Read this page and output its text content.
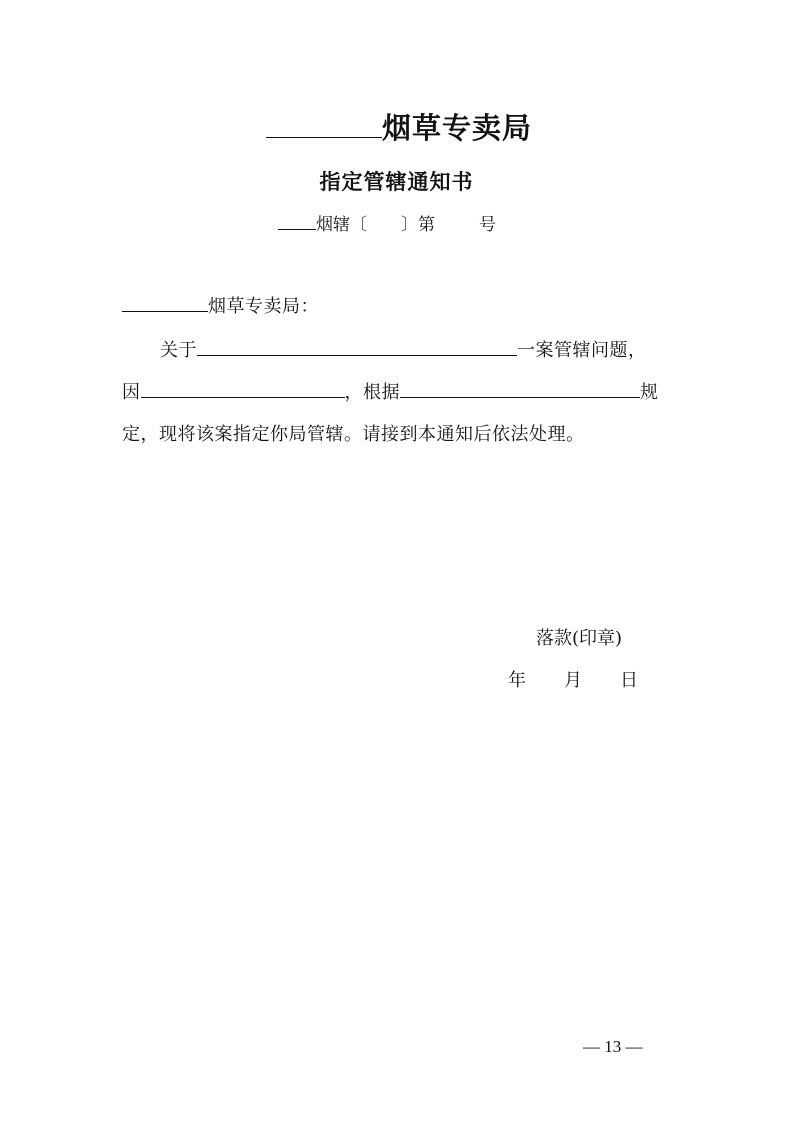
烟草专卖局
指定管辖通知书
烟辖〔 〕第	号
烟草专卖局：
关于	一案管辖问题，
因	，根据	规
定，现将该案指定你局管辖。请接到本通知后依法处理。
落款(印章)
年 月 日
— 13 —
